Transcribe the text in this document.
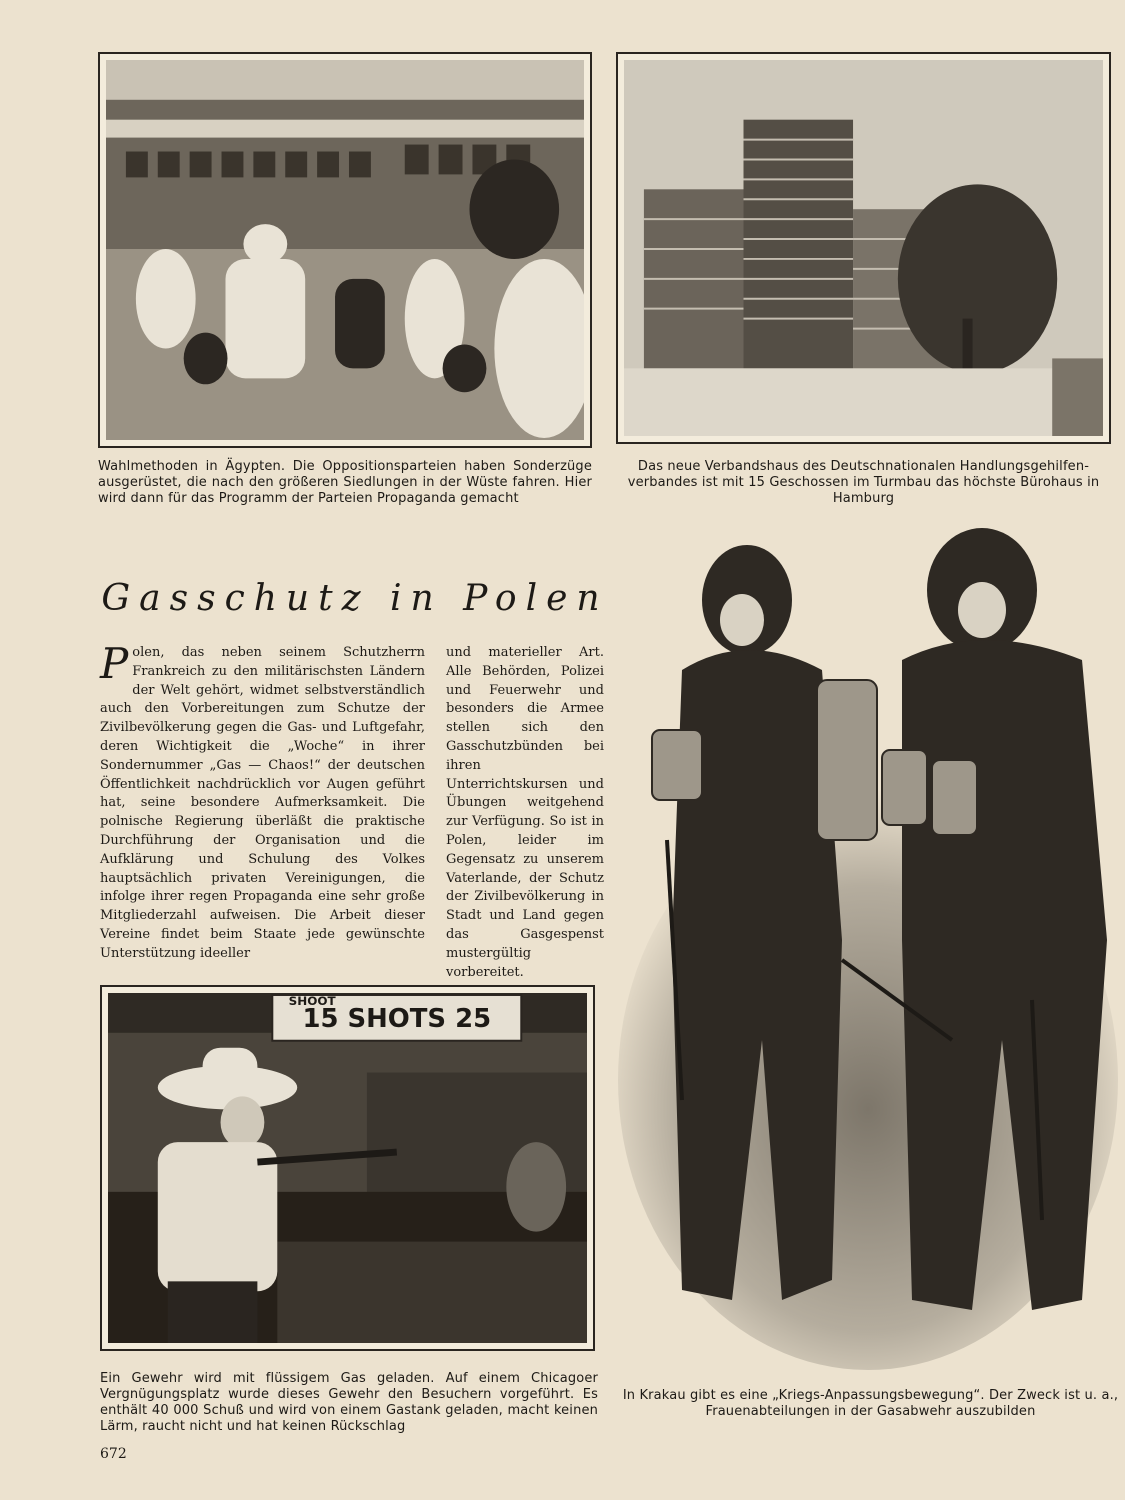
Wahlmethoden in Ägypten. Die Oppositionsparteien haben Sonderzüge ausgerüstet, die nach den größeren Siedlungen in der Wüste fahren. Hier wird dann für das Programm der Parteien Propaganda gemacht
Das neue Verbandshaus des Deutschnationalen Handlungsgehilfen-verbandes ist mit 15 Geschossen im Turmbau das höchste Bürohaus in Hamburg
Gasschutz in Polen
Polen, das neben seinem Schutzherrn Frankreich zu den militärischsten Ländern der Welt gehört, widmet selbstverständlich auch den Vorbereitungen zum Schutze der Zivilbevölkerung gegen die Gas- und Luftgefahr, deren Wichtigkeit die „Woche“ in ihrer Sondernummer „Gas — Chaos!“ der deutschen Öffentlichkeit nachdrücklich vor Augen geführt hat, seine besondere Aufmerksamkeit. Die polnische Regierung überläßt die praktische Durchführung der Organisation und die Aufklärung und Schulung des Volkes hauptsächlich privaten Vereinigungen, die infolge ihrer regen Propaganda eine sehr große Mitgliederzahl aufweisen. Die Arbeit dieser Vereine findet beim Staate jede gewünschte Unterstützung ideeller
und materieller Art. Alle Behörden, Polizei und Feuerwehr und besonders die Armee stellen sich den Gasschutzbünden bei ihren Unterrichtskursen und Übungen weitgehend zur Verfügung. So ist in Polen, leider im Gegensatz zu unserem Vaterlande, der Schutz der Zivilbevölkerung in Stadt und Land gegen das Gasgespenst mustergültig vorbereitet.
15 SHOTS 25
SHOOT
Ein Gewehr wird mit flüssigem Gas geladen. Auf einem Chicagoer Vergnügungsplatz wurde dieses Gewehr den Besuchern vorgeführt. Es enthält 40 000 Schuß und wird von einem Gastank geladen, macht keinen Lärm, raucht nicht und hat keinen Rückschlag
In Krakau gibt es eine „Kriegs-Anpassungsbewegung“. Der Zweck ist u. a., Frauenabteilungen in der Gasabwehr auszubilden
672
